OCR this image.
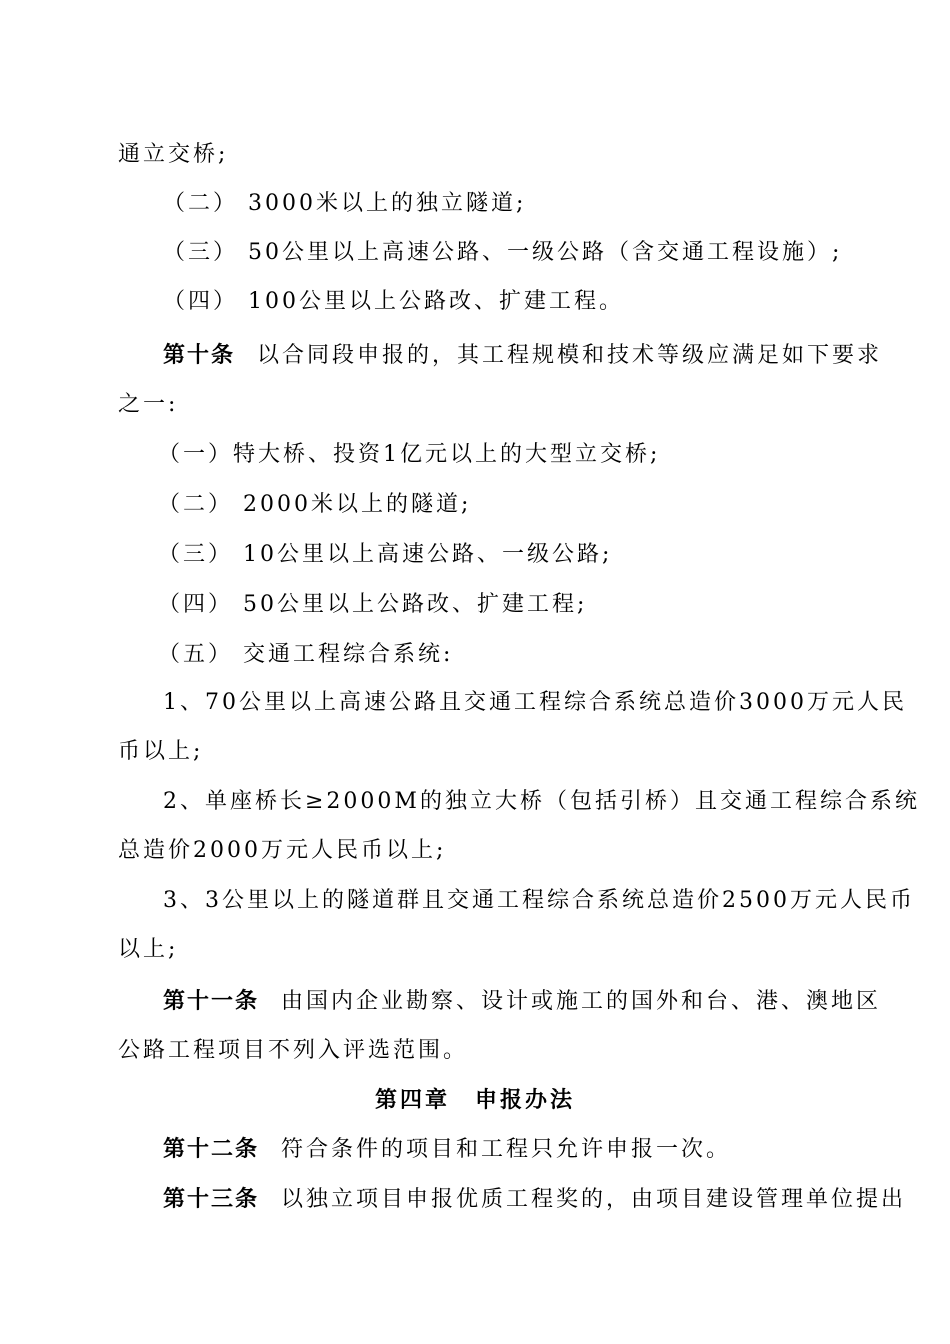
通立交桥;
（二） 3000米以上的独立隧道;
（三） 50公里以上高速公路、一级公路（含交通工程设施）;
（四） 100公里以上公路改、扩建工程。
第十条 以合同段申报的，其工程规模和技术等级应满足如下要求
之一:
（一）特大桥、投资1亿元以上的大型立交桥;
（二） 2000米以上的隧道;
（三） 10公里以上高速公路、一级公路;
（四） 50公里以上公路改、扩建工程;
（五） 交通工程综合系统:
1、70公里以上高速公路且交通工程综合系统总造价3000万元人民
币以上;
2、单座桥长≥2000M的独立大桥（包括引桥）且交通工程综合系统
总造价2000万元人民币以上;
3、3公里以上的隧道群且交通工程综合系统总造价2500万元人民币
以上;
第十一条 由国内企业勘察、设计或施工的国外和台、港、澳地区
公路工程项目不列入评选范围。
第四章　申报办法
第十二条 符合条件的项目和工程只允许申报一次。
第十三条 以独立项目申报优质工程奖的，由项目建设管理单位提出
